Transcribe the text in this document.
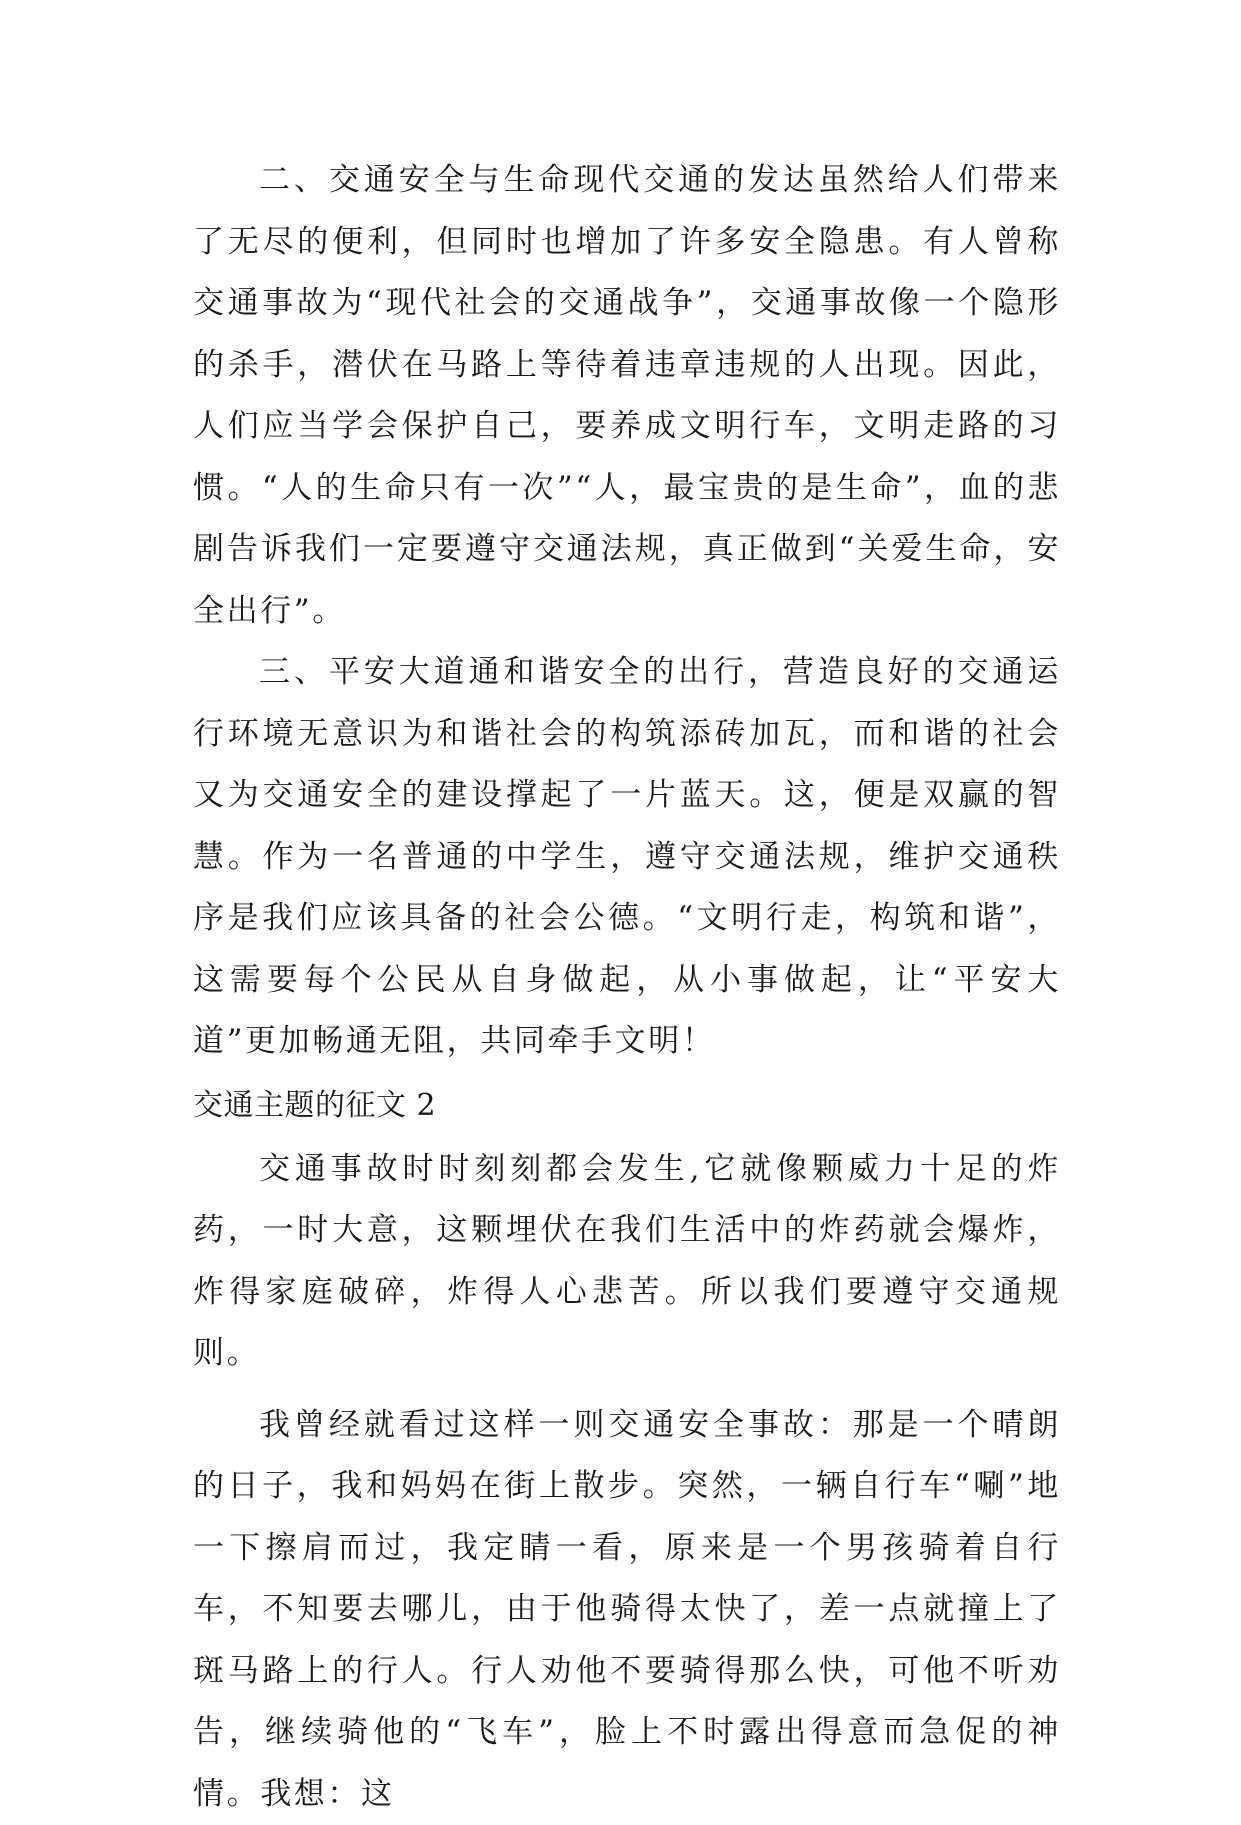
二、交通安全与生命现代交通的发达虽然给人们带来了无尽的便利，但同时也增加了许多安全隐患。有人曾称交通事故为“现代社会的交通战争”，交通事故像一个隐形的杀手，潜伏在马路上等待着违章违规的人出现。因此，人们应当学会保护自己，要养成文明行车，文明走路的习惯。“人的生命只有一次”“人，最宝贵的是生命”，血的悲剧告诉我们一定要遵守交通法规，真正做到“关爱生命，安全出行”。

三、平安大道通和谐安全的出行，营造良好的交通运行环境无意识为和谐社会的构筑添砖加瓦，而和谐的社会又为交通安全的建设撑起了一片蓝天。这，便是双赢的智慧。作为一名普通的中学生，遵守交通法规，维护交通秩序是我们应该具备的社会公德。“文明行走，构筑和谐”，这需要每个公民从自身做起，从小事做起，让“平安大道”更加畅通无阻，共同牵手文明！

交通主题的征文 2

交通事故时时刻刻都会发生,它就像颗威力十足的炸药，一时大意，这颗埋伏在我们生活中的炸药就会爆炸，炸得家庭破碎，炸得人心悲苦。所以我们要遵守交通规则。

我曾经就看过这样一则交通安全事故：那是一个晴朗的日子，我和妈妈在街上散步。突然，一辆自行车“唰”地一下擦肩而过，我定睛一看，原来是一个男孩骑着自行车，不知要去哪儿，由于他骑得太快了，差一点就撞上了斑马路上的行人。行人劝他不要骑得那么快，可他不听劝告，继续骑他的“飞车”，脸上不时露出得意而急促的神情。我想：这
